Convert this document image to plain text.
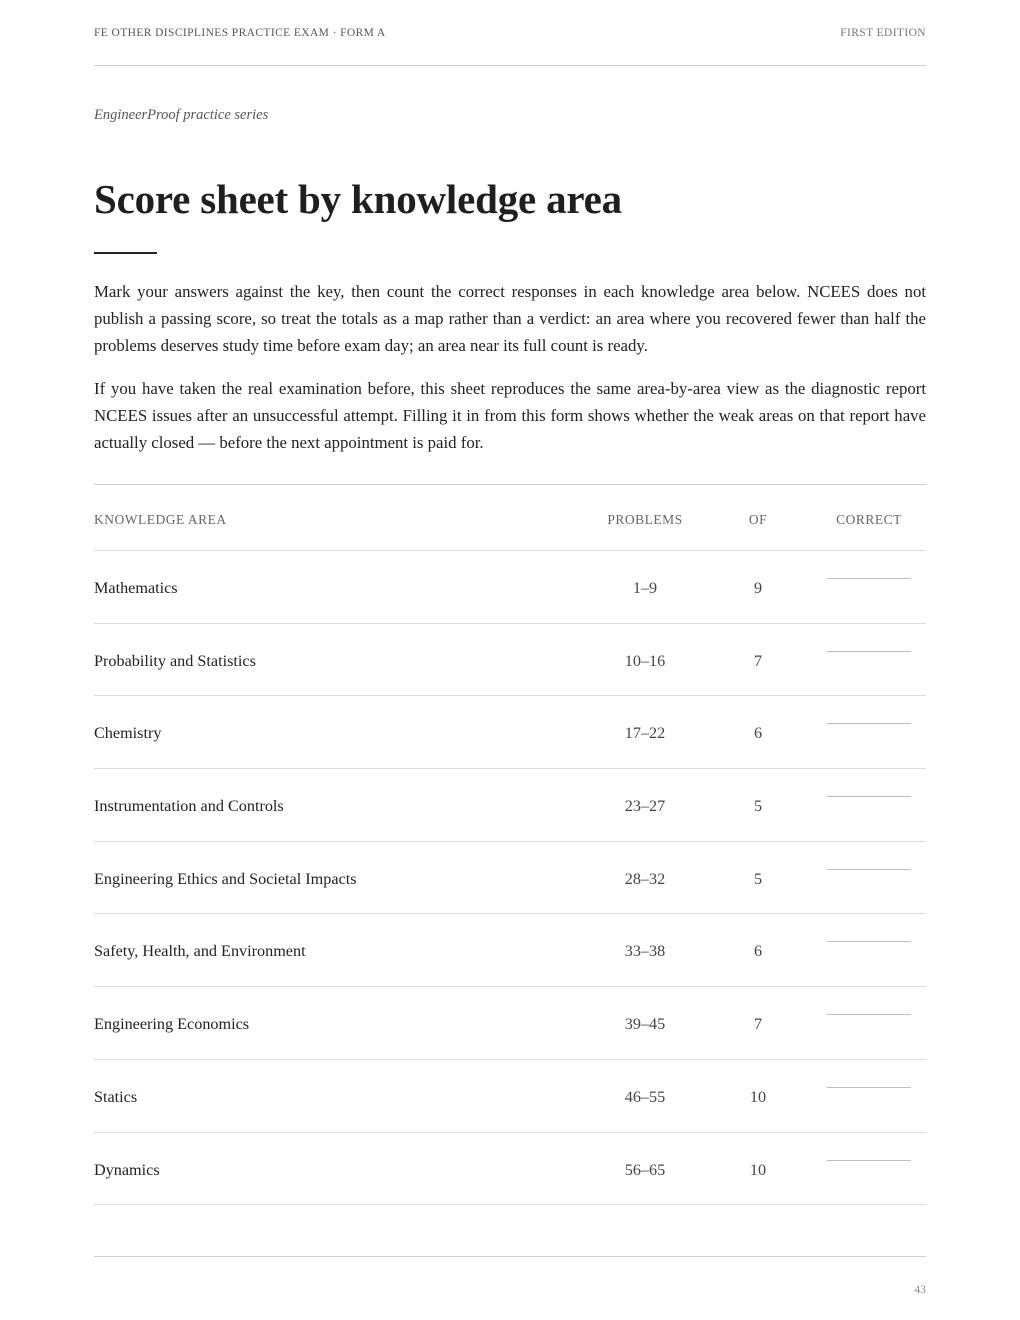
FE OTHER DISCIPLINES PRACTICE EXAM · FORM A	FIRST EDITION
EngineerProof practice series
Score sheet by knowledge area

Mark your answers against the key, then count the correct responses in each knowledge area below. NCEES does not publish a passing score, so treat the totals as a map rather than a verdict: an area where you recovered fewer than half the problems deserves study time before exam day; an area near its full count is ready.

If you have taken the real examination before, this sheet reproduces the same area-by-area view as the diagnostic report NCEES issues after an unsuccessful attempt. Filling it in from this form shows whether the weak areas on that report have actually closed — before the next appointment is paid for.

KNOWLEDGE AREA	PROBLEMS	OF	CORRECT
Mathematics	1–9	9
Probability and Statistics	10–16	7
Chemistry	17–22	6
Instrumentation and Controls	23–27	5
Engineering Ethics and Societal Impacts	28–32	5
Safety, Health, and Environment	33–38	6
Engineering Economics	39–45	7
Statics	46–55	10
Dynamics	56–65	10
43
